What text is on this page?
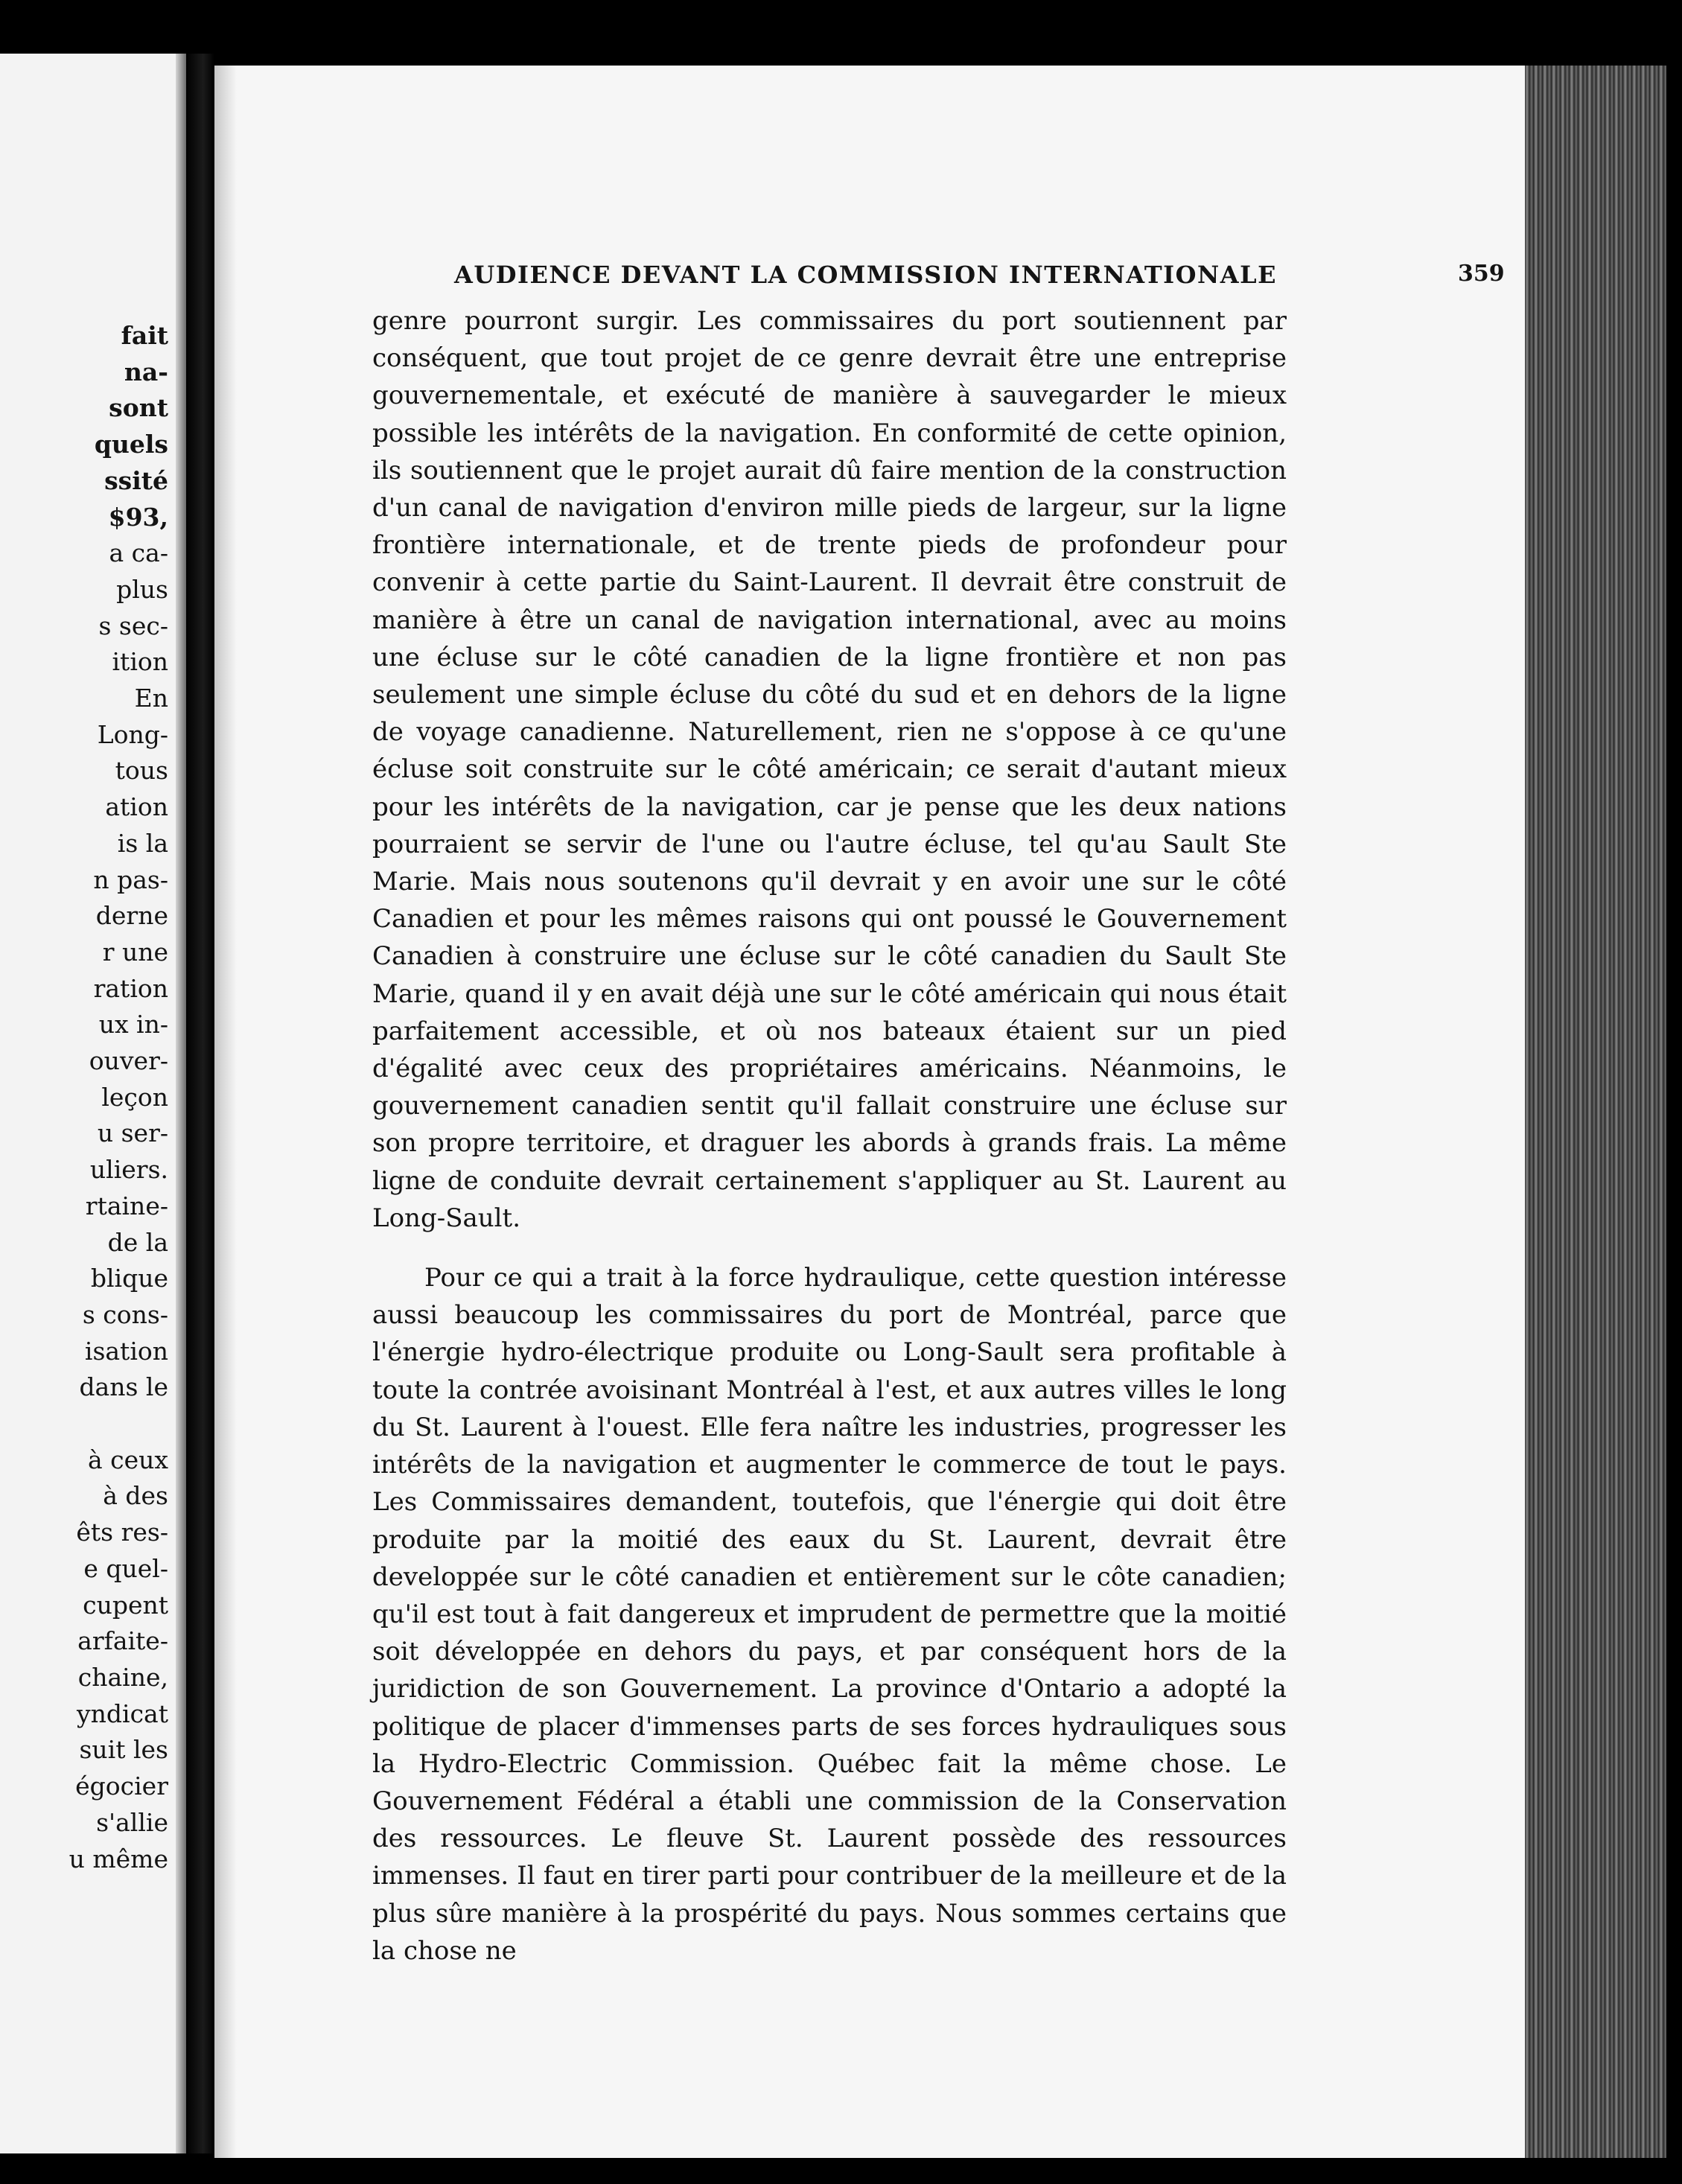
fait
na-
sont
quels
ssité
$93,
a ca-
plus
s sec-
ition
En
Long-
tous
ation
is la
n pas-
derne
r une
ration
ux in-
ouver-
leçon
u ser-
uliers.
rtaine-
de la
blique
s cons-
isation
dans le
à ceux
à des
êts res-
e quel-
cupent
arfaite-
chaine,
yndicat
suit les
égocier
s'allie
u même
AUDIENCE DEVANT LA COMMISSION INTERNATIONALE	359

genre pourront surgir. Les commissaires du port soutiennent par conséquent, que tout projet de ce genre devrait être une entreprise gouvernementale, et exécuté de manière à sauvegarder le mieux possible les intérêts de la navigation. En conformité de cette opinion, ils soutiennent que le projet aurait dû faire mention de la construction d'un canal de navigation d'environ mille pieds de largeur, sur la ligne frontière internationale, et de trente pieds de profondeur pour convenir à cette partie du Saint-Laurent. Il devrait être construit de manière à être un canal de navigation international, avec au moins une écluse sur le côté canadien de la ligne frontière et non pas seulement une simple écluse du côté du sud et en dehors de la ligne de voyage canadienne. Naturellement, rien ne s'oppose à ce qu'une écluse soit construite sur le côté américain; ce serait d'autant mieux pour les intérêts de la navigation, car je pense que les deux nations pourraient se servir de l'une ou l'autre écluse, tel qu'au Sault Ste Marie. Mais nous soutenons qu'il devrait y en avoir une sur le côté Canadien et pour les mêmes raisons qui ont poussé le Gouvernement Canadien à construire une écluse sur le côté canadien du Sault Ste Marie, quand il y en avait déjà une sur le côté américain qui nous était parfaitement accessible, et où nos bateaux étaient sur un pied d'égalité avec ceux des propriétaires américains. Néanmoins, le gouvernement canadien sentit qu'il fallait construire une écluse sur son propre territoire, et draguer les abords à grands frais. La même ligne de conduite devrait certainement s'appliquer au St. Laurent au Long-Sault.

Pour ce qui a trait à la force hydraulique, cette question intéresse aussi beaucoup les commissaires du port de Montréal, parce que l'énergie hydro-électrique produite ou Long-Sault sera profitable à toute la contrée avoisinant Montréal à l'est, et aux autres villes le long du St. Laurent à l'ouest. Elle fera naître les industries, progresser les intérêts de la navigation et augmenter le commerce de tout le pays. Les Commissaires demandent, toutefois, que l'énergie qui doit être produite par la moitié des eaux du St. Laurent, devrait être developpée sur le côté canadien et entièrement sur le côte canadien; qu'il est tout à fait dangereux et imprudent de permettre que la moitié soit développée en dehors du pays, et par conséquent hors de la juridiction de son Gouvernement. La province d'Ontario a adopté la politique de placer d'immenses parts de ses forces hydrauliques sous la Hydro-Electric Commission. Québec fait la même chose. Le Gouvernement Fédéral a établi une commission de la Conservation des ressources. Le fleuve St. Laurent possède des ressources immenses. Il faut en tirer parti pour contribuer de la meilleure et de la plus sûre manière à la prospérité du pays. Nous sommes certains que la chose ne
